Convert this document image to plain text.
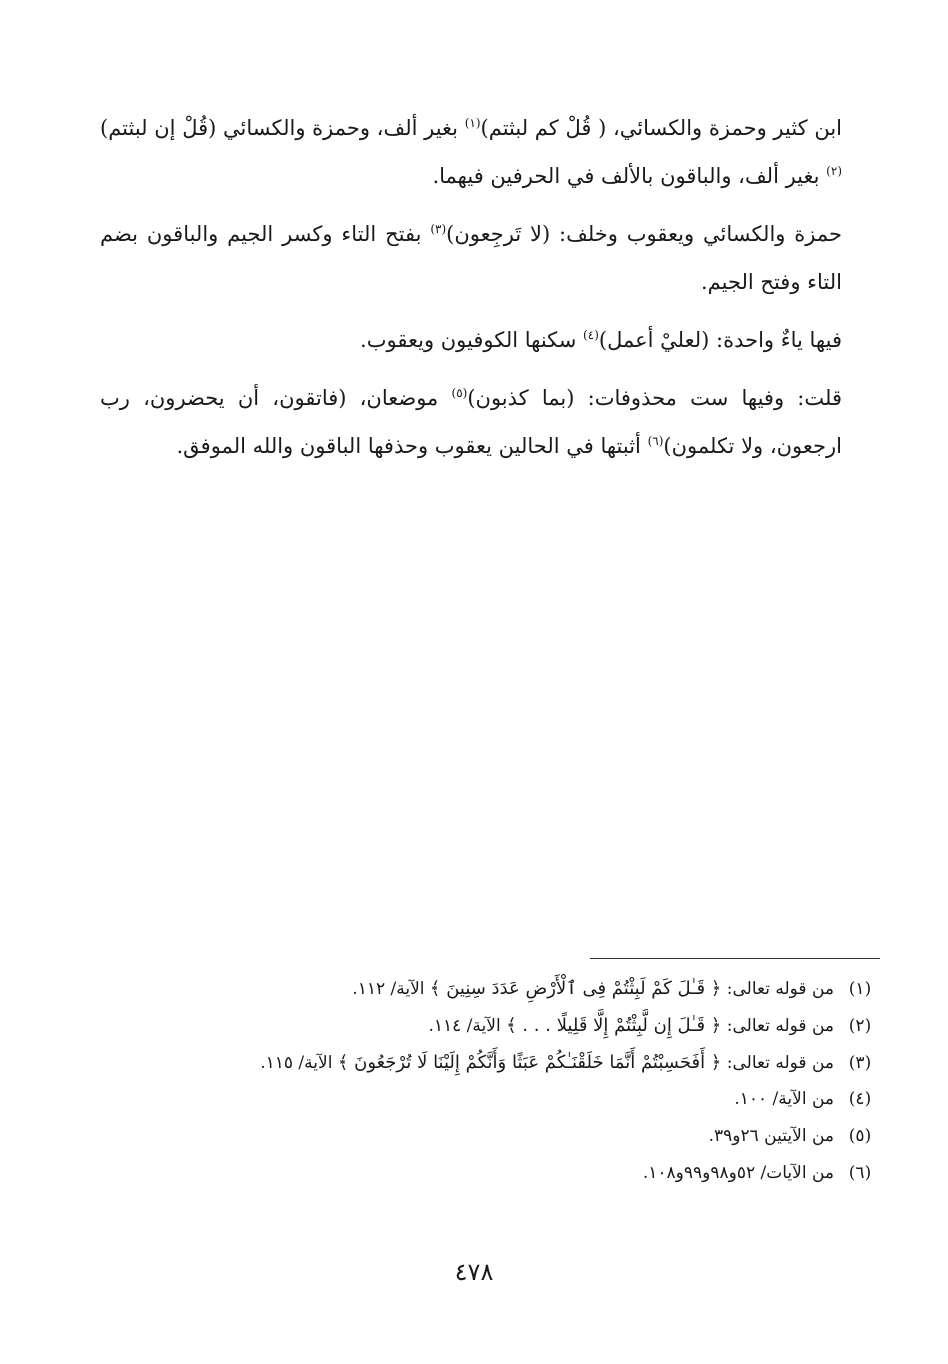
ابن كثير وحمزة والكسائي، ( قُلْ كم لبثتم)$^{(١)}$ بغير ألف، وحمزة والكسائي (قُلْ إن لبثتم)$^{(٢)}$ بغير ألف، والباقون بالألف في الحرفين فيهما.

حمزة والكسائي ويعقوب وخلف: (لا تَرجِعون)$^{(٣)}$ بفتح التاء وكسر الجيم والباقون بضم التاء وفتح الجيم.

فيها ياءٌ واحدة: (لعليْ أعمل)$^{(٤)}$ سكنها الكوفيون ويعقوب.

قلت: وفيها ست محذوفات: (بما كذبون)$^{(٥)}$ موضعان، (فاتقون، أن يحضرون، رب ارجعون، ولا تكلمون)$^{(٦)}$ أثبتها في الحالين يعقوب وحذفها الباقون والله الموفق.

(١)
من قوله تعالى: ﴿ قَـٰلَ كَمْ لَبِثْتُمْ فِى ٱلْأَرْضِ عَدَدَ سِنِينَ ﴾ الآية/ ١١٢.
(٢)
من قوله تعالى: ﴿ قَـٰلَ إِن لَّبِثْتُمْ إِلَّا قَلِيلًا . . . ﴾ الآية/ ١١٤.
(٣)
من قوله تعالى: ﴿ أَفَحَسِبْتُمْ أَنَّمَا خَلَقْنَـٰكُمْ عَبَثًا وَأَنَّكُمْ إِلَيْنَا لَا تُرْجَعُونَ ﴾ الآية/ ١١٥.
(٤)
من الآية/ ١٠٠.
(٥)
من الآيتين ٢٦و٣٩.
(٦)
من الآيات/ ٥٢و٩٨و٩٩و١٠٨.
٤٧٨
